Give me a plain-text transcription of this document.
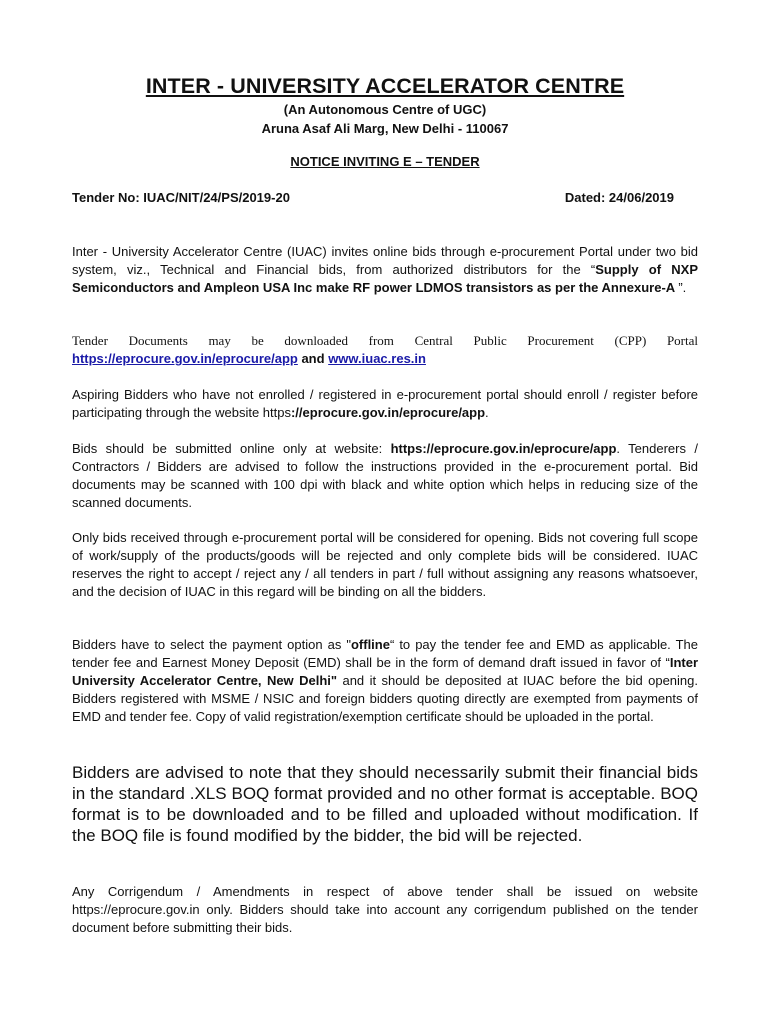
INTER - UNIVERSITY ACCELERATOR CENTRE
(An Autonomous Centre of UGC)
Aruna Asaf Ali Marg, New Delhi - 110067
NOTICE INVITING E – TENDER
Tender No: IUAC/NIT/24/PS/2019-20	Dated: 24/06/2019

Inter - University Accelerator Centre (IUAC) invites online bids through e-procurement Portal under two bid system, viz., Technical and Financial bids, from authorized distributors for the “Supply of NXP Semiconductors and Ampleon USA Inc make RF power LDMOS transistors as per the Annexure-A ”.

Tender Documents may be downloaded from Central Public Procurement (CPP) Portal https://eprocure.gov.in/eprocure/app and www.iuac.res.in

Aspiring Bidders who have not enrolled / registered in e-procurement portal should enroll / register before participating through the website https://eprocure.gov.in/eprocure/app.

Bids should be submitted online only at website: https://eprocure.gov.in/eprocure/app. Tenderers / Contractors / Bidders are advised to follow the instructions provided in the e-procurement portal. Bid documents may be scanned with 100 dpi with black and white option which helps in reducing size of the scanned documents.

Only bids received through e-procurement portal will be considered for opening. Bids not covering full scope of work/supply of the products/goods will be rejected and only complete bids will be considered. IUAC reserves the right to accept / reject any / all tenders in part / full without assigning any reasons whatsoever, and the decision of IUAC in this regard will be binding on all the bidders.

Bidders have to select the payment option as "offline“ to pay the tender fee and EMD as applicable. The tender fee and Earnest Money Deposit (EMD) shall be in the form of demand draft issued in favor of “Inter University Accelerator Centre, New Delhi" and it should be deposited at IUAC before the bid opening. Bidders registered with MSME / NSIC and foreign bidders quoting directly are exempted from payments of EMD and tender fee. Copy of valid registration/exemption certificate should be uploaded in the portal.

Bidders are advised to note that they should necessarily submit their financial bids in the standard .XLS BOQ format provided and no other format is acceptable. BOQ format is to be downloaded and to be filled and uploaded without modification. If the BOQ file is found modified by the bidder, the bid will be rejected.

Any Corrigendum / Amendments in respect of above tender shall be issued on website https://eprocure.gov.in only. Bidders should take into account any corrigendum published on the tender document before submitting their bids.
